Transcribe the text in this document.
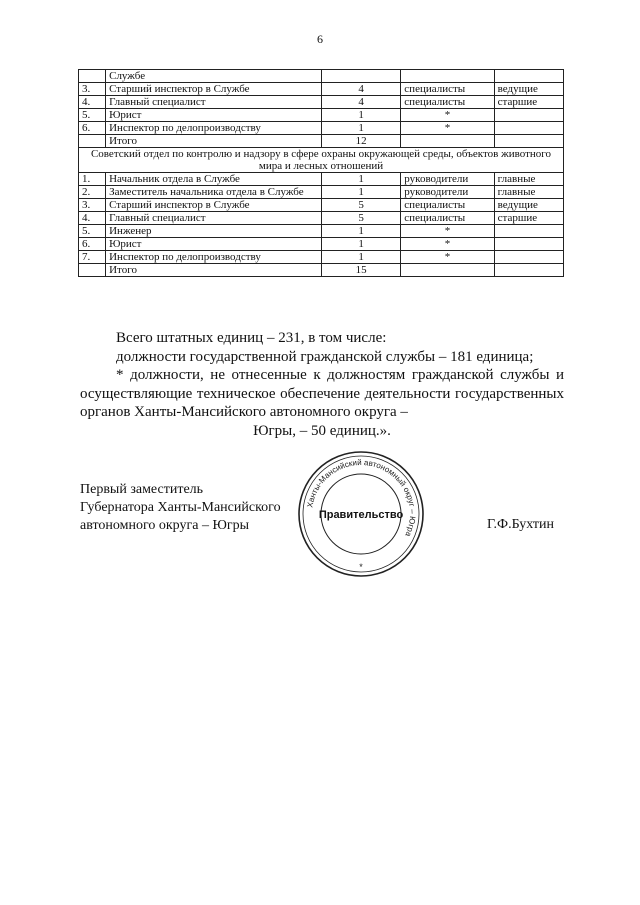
6
	Службе			
3.	Старший инспектор в Службе	4	специалисты	ведущие
4.	Главный специалист	4	специалисты	старшие
5.	Юрист	1	*	
6.	Инспектор по делопроизводству	1	*	
	Итого	12		
Советский отдел по контролю и надзору в сфере охраны окружающей среды, объектов животного мира и лесных отношений				
1.	Начальник отдела в Службе	1	руководители	главные
2.	Заместитель начальника отдела в Службе	1	руководители	главные
3.	Старший инспектор в Службе	5	специалисты	ведущие
4.	Главный специалист	5	специалисты	старшие
5.	Инженер	1	*	
6.	Юрист	1	*	
7.	Инспектор по делопроизводству	1	*	
	Итого	15		

Всего штатных единиц – 231, в том числе:

должности государственной гражданской службы – 181 единица;

* должности, не отнесенные к должностям гражданской службы и осуществляющие техническое обеспечение деятельности государственных органов Ханты-Мансийского автономного округа –

Югры, – 50 единиц.».

Первый заместитель
Губернатора Ханты-Мансийского
автономного округа – Югры	Г.Ф.Бухтин
Ханты-Мансийский автономный округ – Югра
Правительство
*
